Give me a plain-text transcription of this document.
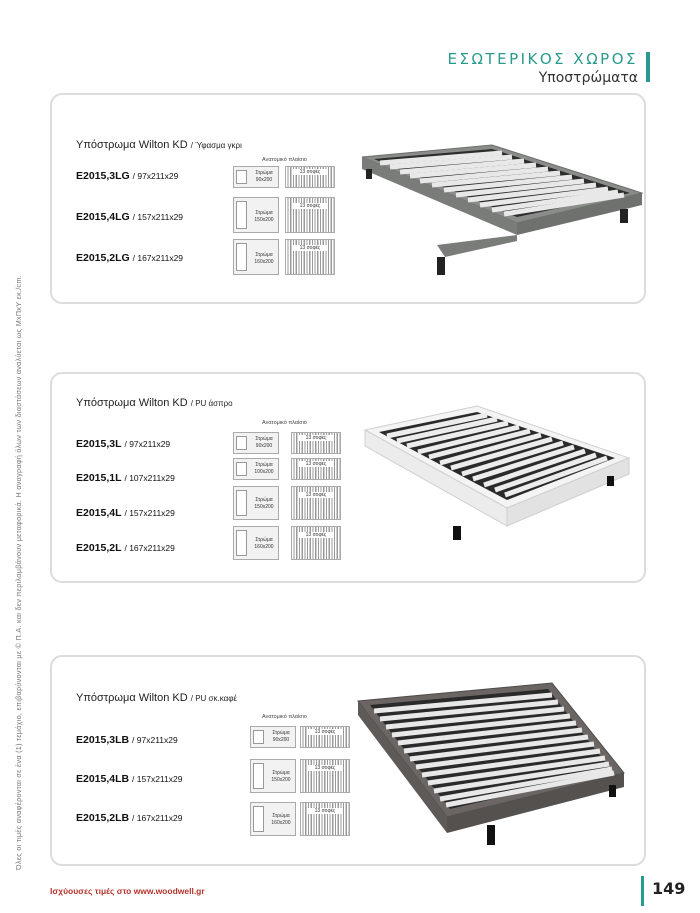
ΕΣΩΤΕΡΙΚΟΣ ΧΩΡΟΣ
Υποστρώματα
Όλες οι τιμές αναφέρονται σε ένα (1) τεμάχιο, επιβαρύνονται με © Π.Α. και δεν περιλαμβάνουν μεταφορικά. Η αναγραφή όλων των διαστάσεων αναλύεται ως ΜxΠxΥ εκ./cm.
Υπόστρωμα Wilton KD / Ύφασμα γκρι
Ανατομικό πλαίσιο
E2015,3LG / 97x211x29
E2015,4LG / 157x211x29
E2015,2LG / 167x211x29
Στρώμα
90x200
13 σοφές
Στρώμα
150x200
13 σοφές
Στρώμα
160x200
13 σοφές
Υπόστρωμα Wilton KD / PU άσπρο
Ανατομικό πλαίσιο
E2015,3L / 97x211x29
E2015,1L / 107x211x29
E2015,4L / 157x211x29
E2015,2L / 167x211x29
Στρώμα
90x200
13 σοφές
Στρώμα
100x200
13 σοφές
Στρώμα
150x200
13 σοφές
Στρώμα
160x200
13 σοφές
Υπόστρωμα Wilton KD / PU σκ.καφέ
Ανατομικό πλαίσιο
E2015,3LB / 97x211x29
E2015,4LB / 157x211x29
E2015,2LB / 167x211x29
Στρώμα
90x200
13 σοφές
Στρώμα
150x200
13 σοφές
Στρώμα
160x200
13 σοφές
Ισχύουσες τιμές στο www.woodwell.gr	149
